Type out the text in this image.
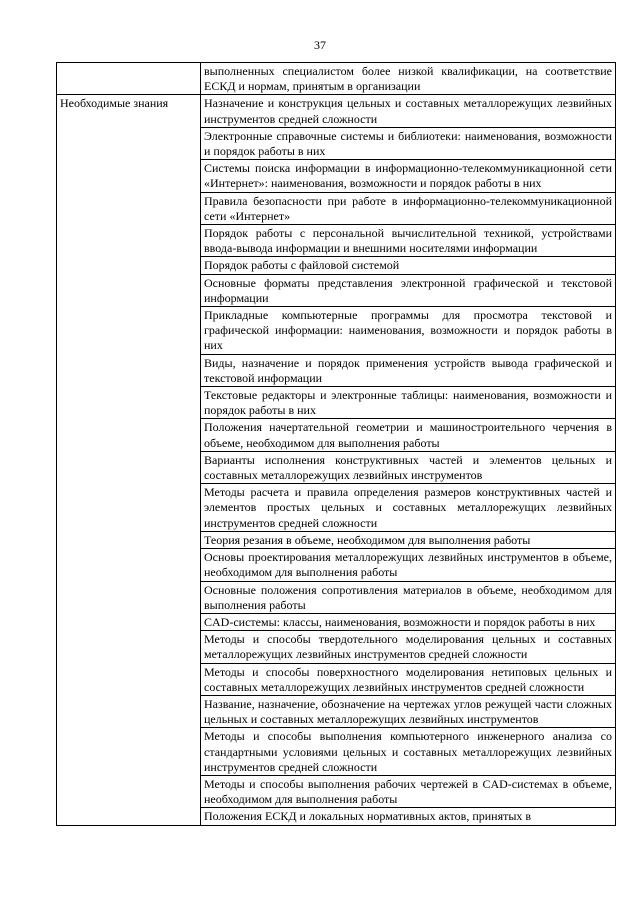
37
	выполненных специалистом более низкой квалификации, на соответствие ЕСКД и нормам, принятым в организации
Необходимые знания	Назначение и конструкция цельных и составных металлорежущих лезвийных инструментов средней сложности
	Электронные справочные системы и библиотеки: наименования, возможности и порядок работы в них
	Системы поиска информации в информационно-телекоммуникационной сети «Интернет»: наименования, возможности и порядок работы в них
	Правила безопасности при работе в информационно-телекоммуникационной сети «Интернет»
	Порядок работы с персональной вычислительной техникой, устройствами ввода-вывода информации и внешними носителями информации
	Порядок работы с файловой системой
	Основные форматы представления электронной графической и текстовой информации
	Прикладные компьютерные программы для просмотра текстовой и графической информации: наименования, возможности и порядок работы в них
	Виды, назначение и порядок применения устройств вывода графической и текстовой информации
	Текстовые редакторы и электронные таблицы: наименования, возможности и порядок работы в них
	Положения начертательной геометрии и машиностроительного черчения в объеме, необходимом для выполнения работы
	Варианты исполнения конструктивных частей и элементов цельных и составных металлорежущих лезвийных инструментов
	Методы расчета и правила определения размеров конструктивных частей и элементов простых цельных и составных металлорежущих лезвийных инструментов средней сложности
	Теория резания в объеме, необходимом для выполнения работы
	Основы проектирования металлорежущих лезвийных инструментов в объеме, необходимом для выполнения работы
	Основные положения сопротивления материалов в объеме, необходимом для выполнения работы
	CAD-системы: классы, наименования, возможности и порядок работы в них
	Методы и способы твердотельного моделирования цельных и составных металлорежущих лезвийных инструментов средней сложности
	Методы и способы поверхностного моделирования нетиповых цельных и составных металлорежущих лезвийных инструментов средней сложности
	Название, назначение, обозначение на чертежах углов режущей части сложных цельных и составных металлорежущих лезвийных инструментов
	Методы и способы выполнения компьютерного инженерного анализа со стандартными условиями цельных и составных металлорежущих лезвийных инструментов средней сложности
	Методы и способы выполнения рабочих чертежей в CAD-системах в объеме, необходимом для выполнения работы
	Положения ЕСКД и локальных нормативных актов, принятых в
